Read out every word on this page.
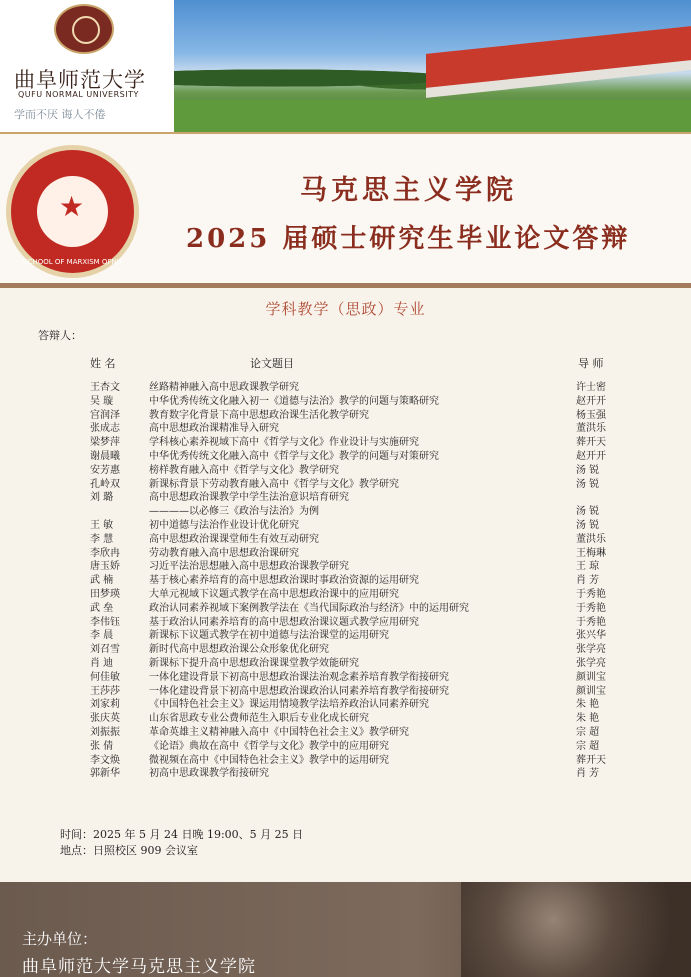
曲阜师范大学
QUFU NORMAL UNIVERSITY
学而不厌 诲人不倦
★
SCHOOL OF MARXISM QFNU
马克思主义学院
2025 届硕士研究生毕业论文答辩
学科教学（思政）专业
答辩人：
姓 名	论文题目	导 师
王杏文	丝路精神融入高中思政课教学研究	许士密
吴 璇	中华优秀传统文化融入初一《道德与法治》教学的问题与策略研究	赵开开
宫润泽	教育数字化背景下高中思想政治课生活化教学研究	杨玉强
张成志	高中思想政治课精准导入研究	董洪乐
梁梦萍	学科核心素养视域下高中《哲学与文化》作业设计与实施研究	葬开天
谢晨曦	中华优秀传统文化融入高中《哲学与文化》教学的问题与对策研究	赵开开
安芳惠	榜样教育融入高中《哲学与文化》教学研究	汤 锐
孔岭双	新课标背景下劳动教育融入高中《哲学与文化》教学研究	汤 锐
刘 璐	高中思想政治课教学中学生法治意识培育研究
————以必修三《政治与法治》为例	汤 锐
王 敏	初中道德与法治作业设计优化研究	汤 锐
李 慧	高中思想政治课课堂师生有效互动研究	董洪乐
李欣冉	劳动教育融入高中思想政治课研究	王梅琳
唐玉娇	习近平法治思想融入高中思想政治课教学研究	王 琼
武 楠	基于核心素养培育的高中思想政治课时事政治资源的运用研究	肖 芳
田梦瑛	大单元视域下议题式教学在高中思想政治课中的应用研究	于秀艳
武 垒	政治认同素养视域下案例教学法在《当代国际政治与经济》中的运用研究	于秀艳
李伟钰	基于政治认同素养培育的高中思想政治课议题式教学应用研究	于秀艳
李 晨	新课标下议题式教学在初中道德与法治课堂的运用研究	张兴华
刘召雪	新时代高中思想政治课公众形象优化研究	张学亮
肖 迪	新课标下提升高中思想政治课课堂教学效能研究	张学亮
何佳敏	一体化建设背景下初高中思想政治课法治观念素养培育教学衔接研究	颜训宝
王莎莎	一体化建设背景下初高中思想政治课政治认同素养培育教学衔接研究	颜训宝
刘家莉	《中国特色社会主义》课运用情境教学法培养政治认同素养研究	朱 艳
张庆英	山东省思政专业公费师范生入职后专业化成长研究	朱 艳
刘振振	革命英雄主义精神融入高中《中国特色社会主义》教学研究	宗 超
张 倩	《论语》典故在高中《哲学与文化》教学中的应用研究	宗 超
李文焕	微视频在高中《中国特色社会主义》教学中的运用研究	葬开天
郭新华	初高中思政课教学衔接研究	肖 芳
时间：2025 年 5 月 24 日晚 19:00、5 月 25 日
地点：日照校区 909 会议室
主办单位：
曲阜师范大学马克思主义学院
